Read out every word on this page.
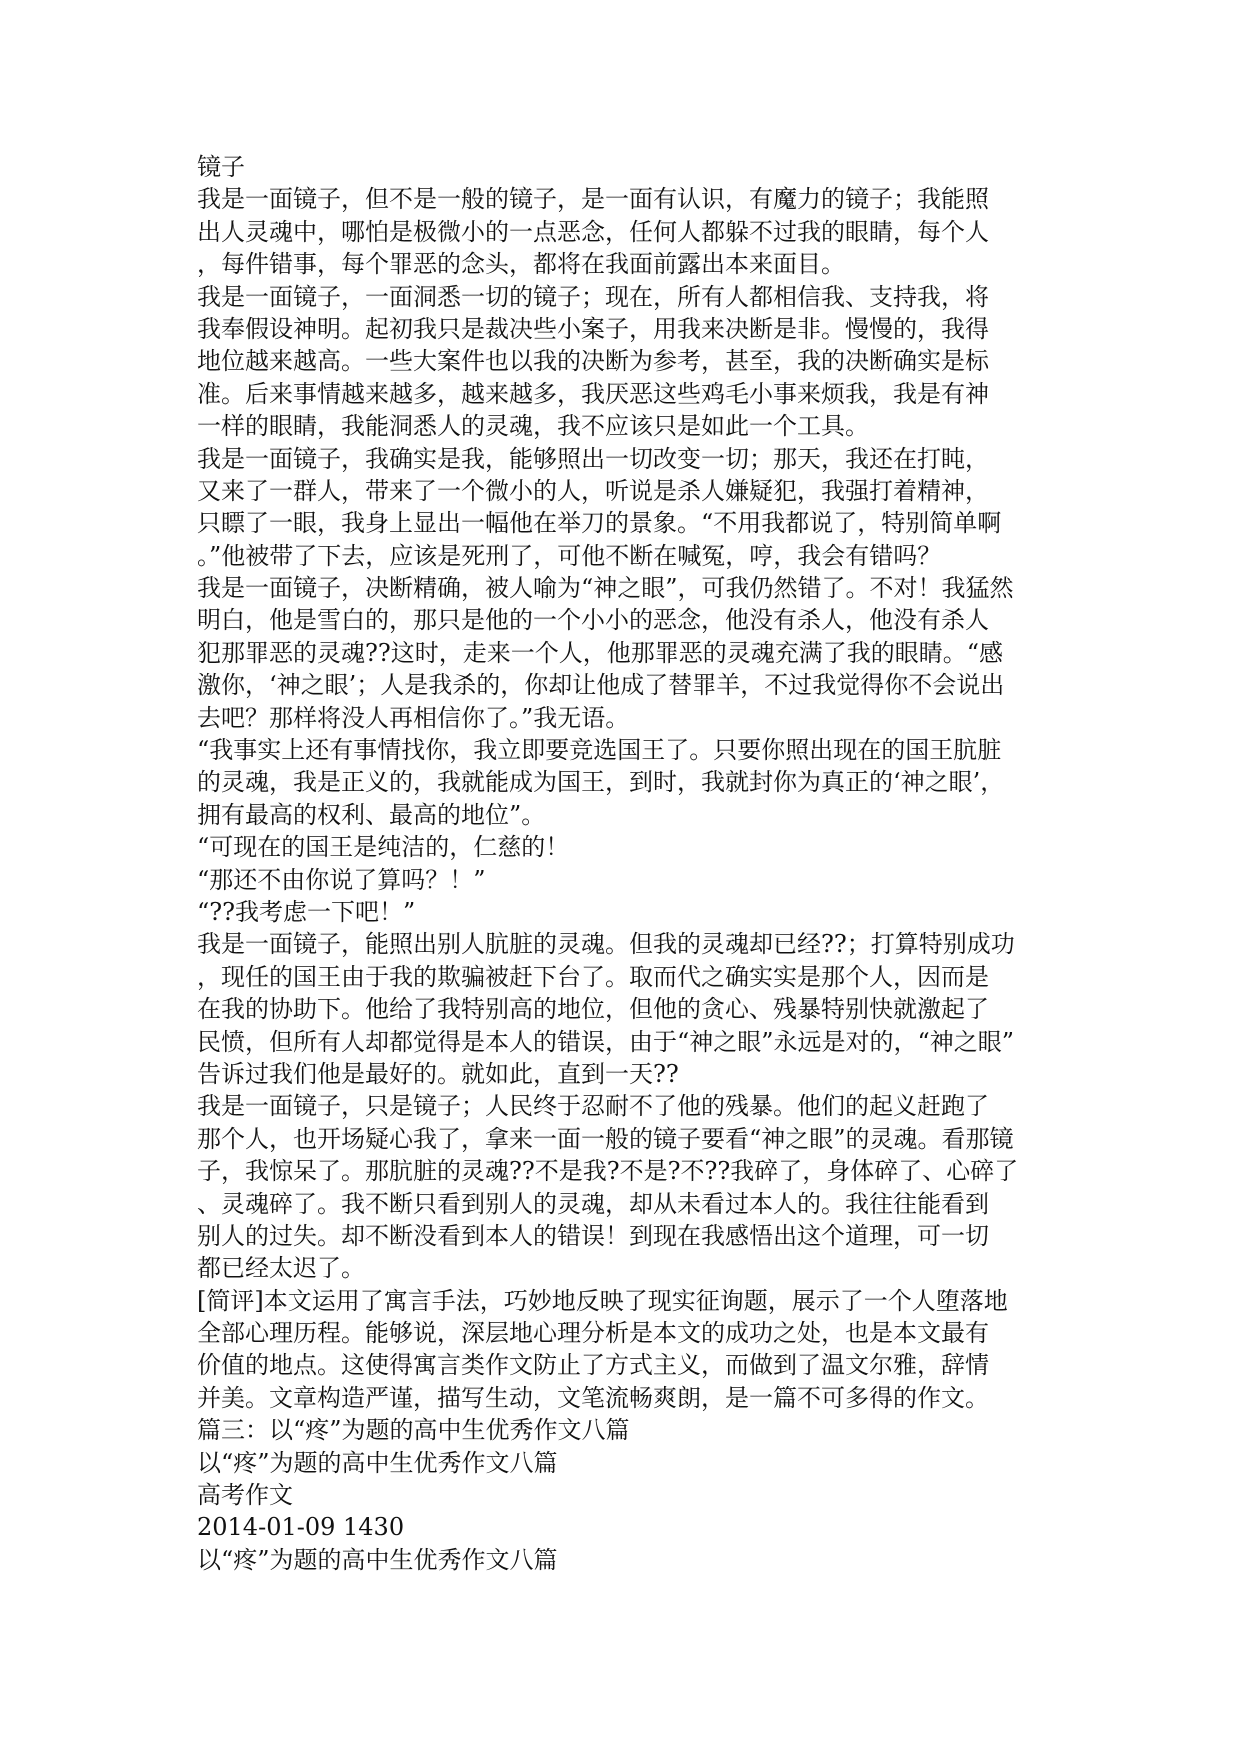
镜子
我是一面镜子，但不是一般的镜子，是一面有认识，有魔力的镜子；我能照
出人灵魂中，哪怕是极微小的一点恶念，任何人都躲不过我的眼睛，每个人
，每件错事，每个罪恶的念头，都将在我面前露出本来面目。
我是一面镜子，一面洞悉一切的镜子；现在，所有人都相信我、支持我，将
我奉假设神明。起初我只是裁决些小案子，用我来决断是非。慢慢的，我得
地位越来越高。一些大案件也以我的决断为参考，甚至，我的决断确实是标
准。后来事情越来越多，越来越多，我厌恶这些鸡毛小事来烦我，我是有神
一样的眼睛，我能洞悉人的灵魂，我不应该只是如此一个工具。
我是一面镜子，我确实是我，能够照出一切改变一切；那天，我还在打盹，
又来了一群人，带来了一个微小的人，听说是杀人嫌疑犯，我强打着精神，
只瞟了一眼，我身上显出一幅他在举刀的景象。“不用我都说了，特别简单啊
。”他被带了下去，应该是死刑了，可他不断在喊冤，哼，我会有错吗？
我是一面镜子，决断精确，被人喻为“神之眼”，可我仍然错了。不对！我猛然
明白，他是雪白的，那只是他的一个小小的恶念，他没有杀人，他没有杀人
犯那罪恶的灵魂??这时，走来一个人，他那罪恶的灵魂充满了我的眼睛。“感
激你，‘神之眼’；人是我杀的，你却让他成了替罪羊，不过我觉得你不会说出
去吧？那样将没人再相信你了。”我无语。
“我事实上还有事情找你，我立即要竞选国王了。只要你照出现在的国王肮脏
的灵魂，我是正义的，我就能成为国王，到时，我就封你为真正的‘神之眼’，
拥有最高的权利、最高的地位”。
“可现在的国王是纯洁的，仁慈的！
“那还不由你说了算吗？！”
“??我考虑一下吧！”
我是一面镜子，能照出别人肮脏的灵魂。但我的灵魂却已经??；打算特别成功
，现任的国王由于我的欺骗被赶下台了。取而代之确实实是那个人，因而是
在我的协助下。他给了我特别高的地位，但他的贪心、残暴特别快就激起了
民愤，但所有人却都觉得是本人的错误，由于“神之眼”永远是对的，“神之眼”
告诉过我们他是最好的。就如此，直到一天??
我是一面镜子，只是镜子；人民终于忍耐不了他的残暴。他们的起义赶跑了
那个人，也开场疑心我了，拿来一面一般的镜子要看“神之眼”的灵魂。看那镜
子，我惊呆了。那肮脏的灵魂??不是我?不是?不??我碎了，身体碎了、心碎了
、灵魂碎了。我不断只看到别人的灵魂，却从未看过本人的。我往往能看到
别人的过失。却不断没看到本人的错误！到现在我感悟出这个道理，可一切
都已经太迟了。
[简评]本文运用了寓言手法，巧妙地反映了现实征询题，展示了一个人堕落地
全部心理历程。能够说，深层地心理分析是本文的成功之处，也是本文最有
价值的地点。这使得寓言类作文防止了方式主义，而做到了温文尔雅，辞情
并美。文章构造严谨，描写生动，文笔流畅爽朗，是一篇不可多得的作文。
篇三：以“疼”为题的高中生优秀作文八篇
以“疼”为题的高中生优秀作文八篇
高考作文
2014-01-09 1430
以“疼”为题的高中生优秀作文八篇
